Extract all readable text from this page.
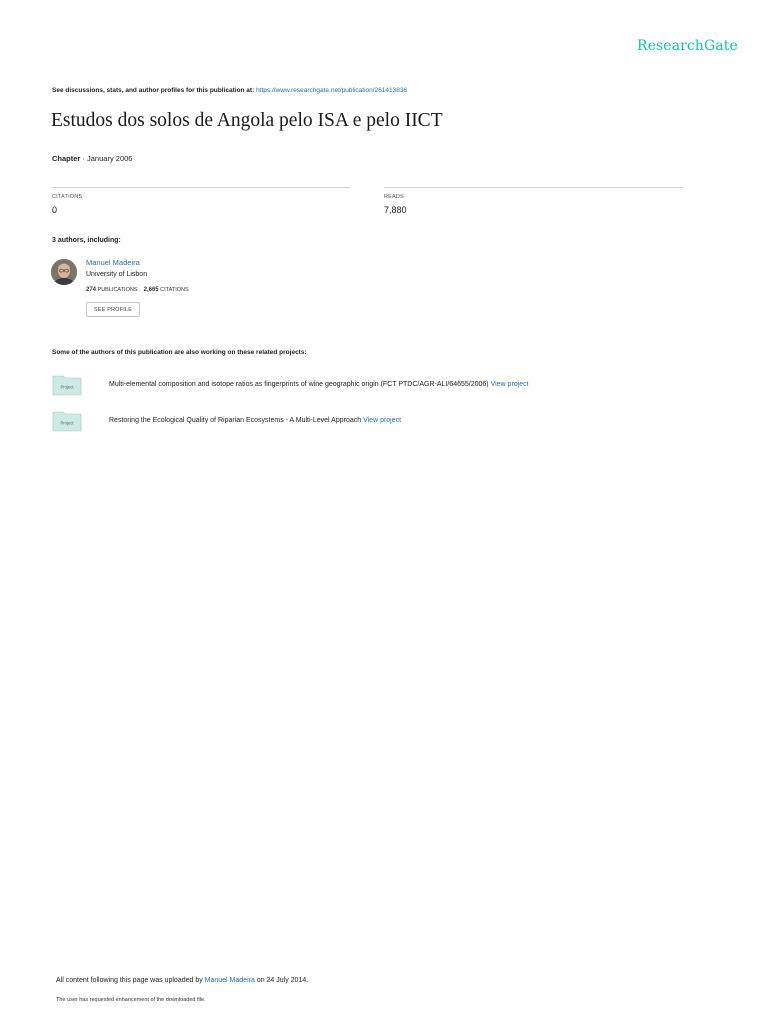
ResearchGate
See discussions, stats, and author profiles for this publication at: https://www.researchgate.net/publication/261413836
Estudos dos solos de Angola pelo ISA e pelo IICT
Chapter · January 2006
CITATIONS
0
READS
7,880
3 authors, including:
Manuel Madeira
University of Lisbon
274 PUBLICATIONS 2,665 CITATIONS
SEE PROFILE
Some of the authors of this publication are also working on these related projects:
Project	Multi-elemental composition and isotope ratios as fingerprints of wine geographic origin (FCT PTDC/AGR-ALI/64655/2006) View project
Project	Restoring the Ecological Quality of Riparian Ecosystems - A Multi-Level Approach View project
All content following this page was uploaded by Manuel Madeira on 24 July 2014.
The user has requested enhancement of the downloaded file.
